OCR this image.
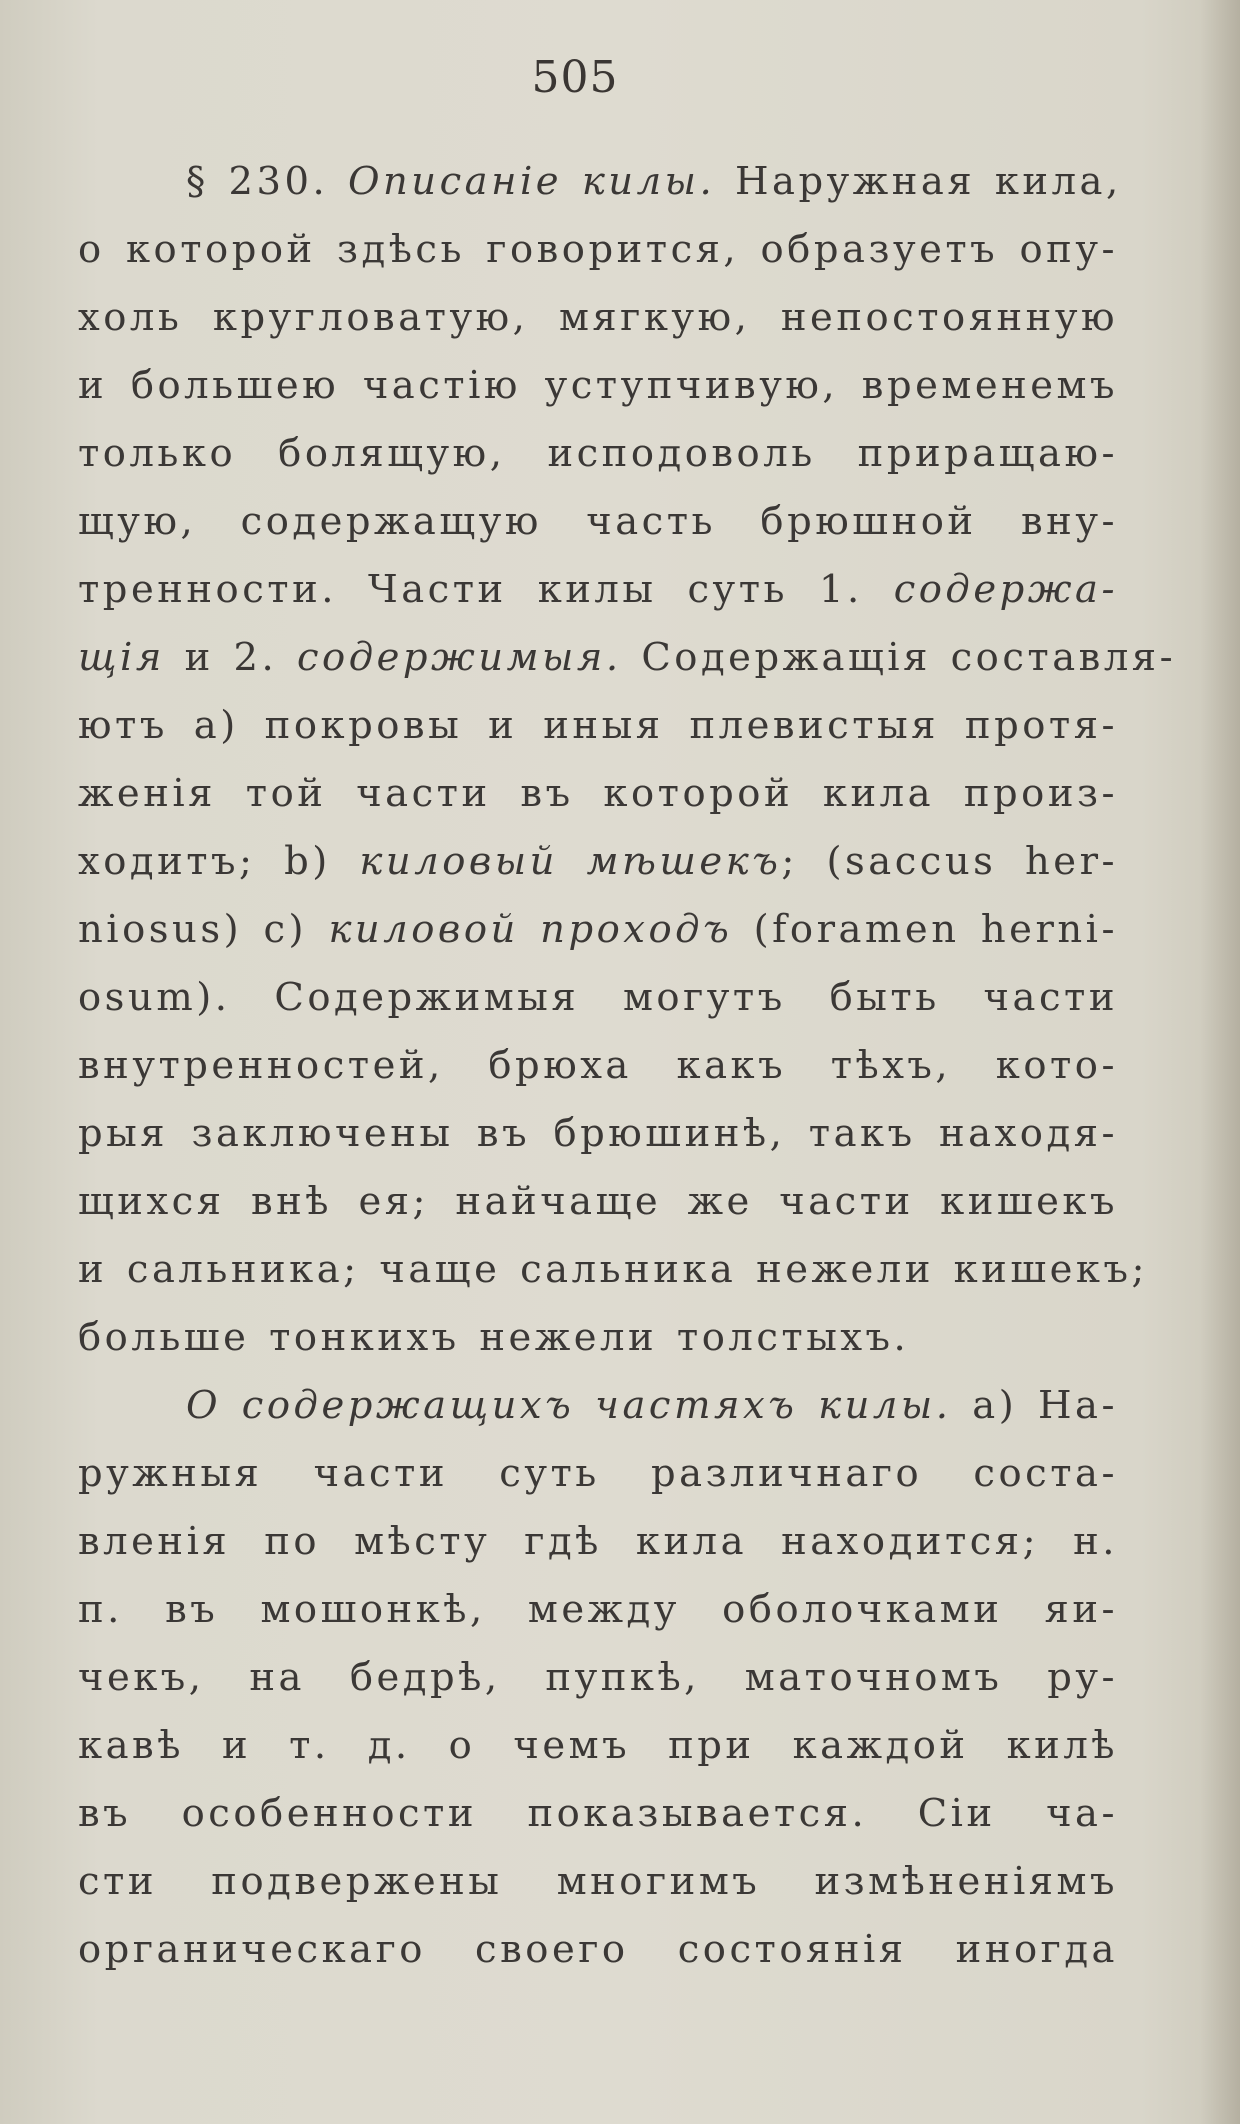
505
§ 230. Описаніе килы. Наружная кила,
о которой здѣсь говорится, образуетъ опу-
холь кругловатую, мягкую, непостоянную
и большею частію уступчивую, временемъ
только болящую, исподоволь приращаю-
щую, содержащую часть брюшной вну-
тренности. Части килы суть 1. содержа-
щія и 2. содержимыя. Содержащія составля-
ютъ a) покровы и иныя плевистыя протя-
женія той части въ которой кила произ-
ходитъ; b) киловый мѣшекъ; (saccus her-
niosus) c) киловой проходъ (foramen herni-
osum). Содержимыя могутъ быть части
внутренностей, брюха какъ тѣхъ, кото-
рыя заключены въ брюшинѣ, такъ находя-
щихся внѣ ея; найчаще же части кишекъ
и сальника; чаще сальника нежели кишекъ;
больше тонкихъ нежели толстыхъ.
О содержащихъ частяхъ килы. a) На-
ружныя части суть различнаго соста-
вленія по мѣсту гдѣ кила находится; н.
п. въ мошонкѣ, между оболочками яи-
чекъ, на бедрѣ, пупкѣ, маточномъ ру-
кавѣ и т. д. о чемъ при каждой килѣ
въ особенности показывается. Сіи ча-
сти подвержены многимъ измѣненіямъ
органическаго своего состоянія иногда
